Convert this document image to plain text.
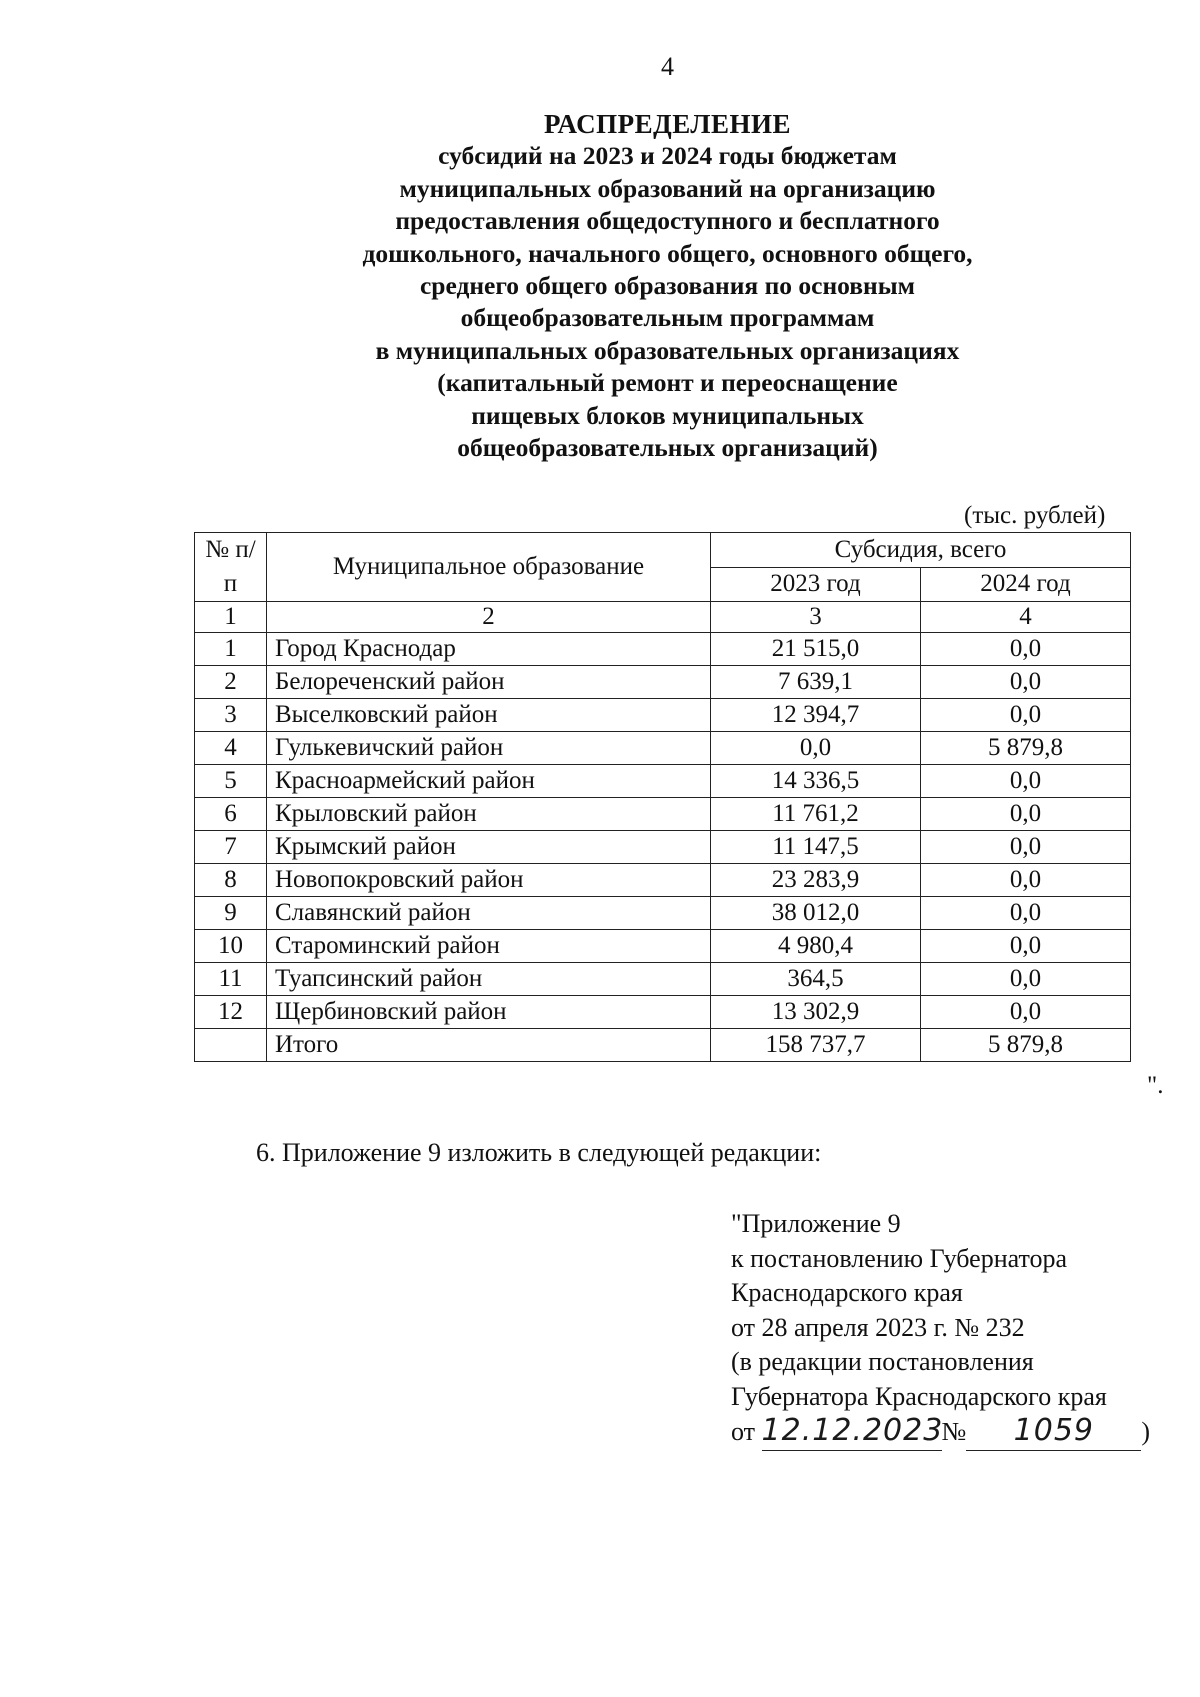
4
РАСПРЕДЕЛЕНИЕ
субсидий на 2023 и 2024 годы бюджетам
муниципальных образований на организацию
предоставления общедоступного и бесплатного
дошкольного, начального общего, основного общего,
среднего общего образования по основным
общеобразовательным программам
в муниципальных образовательных организациях
(капитальный ремонт и переоснащение
пищевых блоков муниципальных
общеобразовательных организаций)
(тыс. рублей)
№ п/п	Муниципальное образование	Субсидия, всего	
		2023 год	2024 год
1	2	3	4
1	Город Краснодар	21 515,0	0,0
2	Белореченский район	7 639,1	0,0
3	Выселковский район	12 394,7	0,0
4	Гулькевичский район	0,0	5 879,8
5	Красноармейский район	14 336,5	0,0
6	Крыловский район	11 761,2	0,0
7	Крымский район	11 147,5	0,0
8	Новопокровский район	23 283,9	0,0
9	Славянский район	38 012,0	0,0
10	Староминский район	4 980,4	0,0
11	Туапсинский район	364,5	0,0
12	Щербиновский район	13 302,9	0,0
	Итого	158 737,7	5 879,8
".
6. Приложение 9 изложить в следующей редакции:
"Приложение 9
к постановлению Губернатора
Краснодарского края
от 28 апреля 2023 г. № 232
(в редакции постановления
Губернатора Краснодарского края
от 12.12.2023№ 1059 )
